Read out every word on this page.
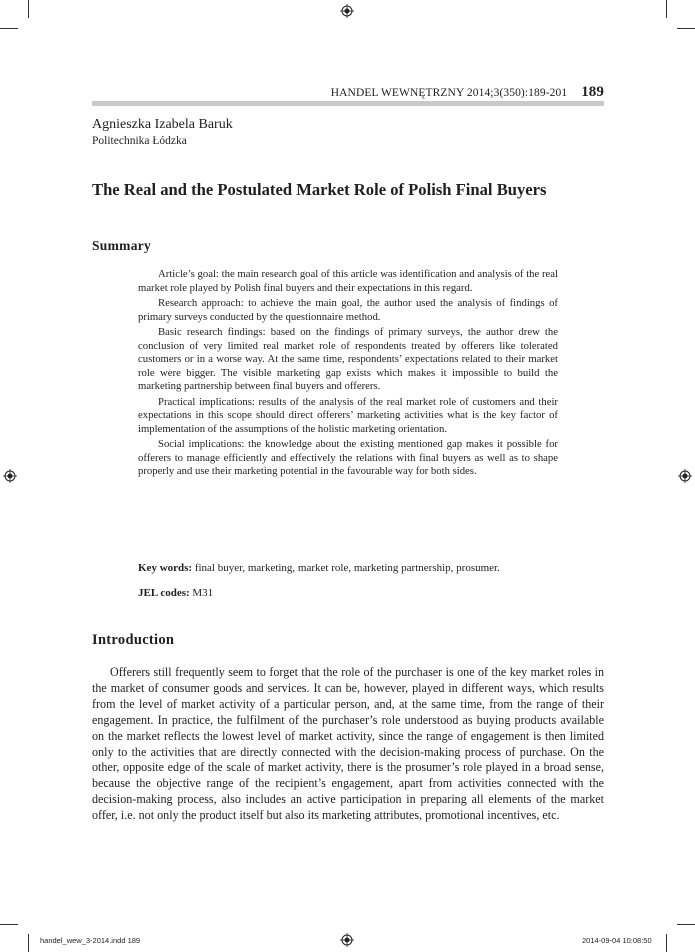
HANDEL WEWNĘTRZNY 2014;3(350):189-201 189
Agnieszka Izabela Baruk
Politechnika Łódzka
The Real and the Postulated Market Role of Polish Final Buyers
Summary

Article’s goal: the main research goal of this article was identification and analysis of the real market role played by Polish final buyers and their expectations in this regard.

Research approach: to achieve the main goal, the author used the analysis of findings of primary surveys conducted by the questionnaire method.

Basic research findings: based on the findings of primary surveys, the author drew the conclusion of very limited real market role of respondents treated by offerers like tolerated customers or in a worse way. At the same time, respondents’ expectations related to their market role were bigger. The visible marketing gap exists which makes it impossible to build the marketing partnership between final buyers and offerers.

Practical implications: results of the analysis of the real market role of customers and their expectations in this scope should direct offerers’ marketing activities what is the key factor of implementation of the assumptions of the holistic marketing orientation.

Social implications: the knowledge about the existing mentioned gap makes it possible for offerers to manage efficiently and effectively the relations with final buyers as well as to shape properly and use their marketing potential in the favourable way for both sides.

Key words: final buyer, marketing, market role, marketing partnership, prosumer.
JEL codes: M31
Introduction

Offerers still frequently seem to forget that the role of the purchaser is one of the key market roles in the market of consumer goods and services. It can be, however, played in different ways, which results from the level of market activity of a particular person, and, at the same time, from the range of their engagement. In practice, the fulfilment of the purchaser’s role understood as buying products available on the market reflects the lowest level of market activity, since the range of engagement is then limited only to the activities that are directly connected with the decision-making process of purchase. On the other, opposite edge of the scale of market activity, there is the prosumer’s role played in a broad sense, because the objective range of the recipient’s engagement, apart from activities connected with the decision-making process, also includes an active participation in preparing all elements of the market offer, i.e. not only the product itself but also its marketing attributes, promotional incentives, etc.

handel_wew_3-2014.indd 189	2014-09-04 10:08:50
